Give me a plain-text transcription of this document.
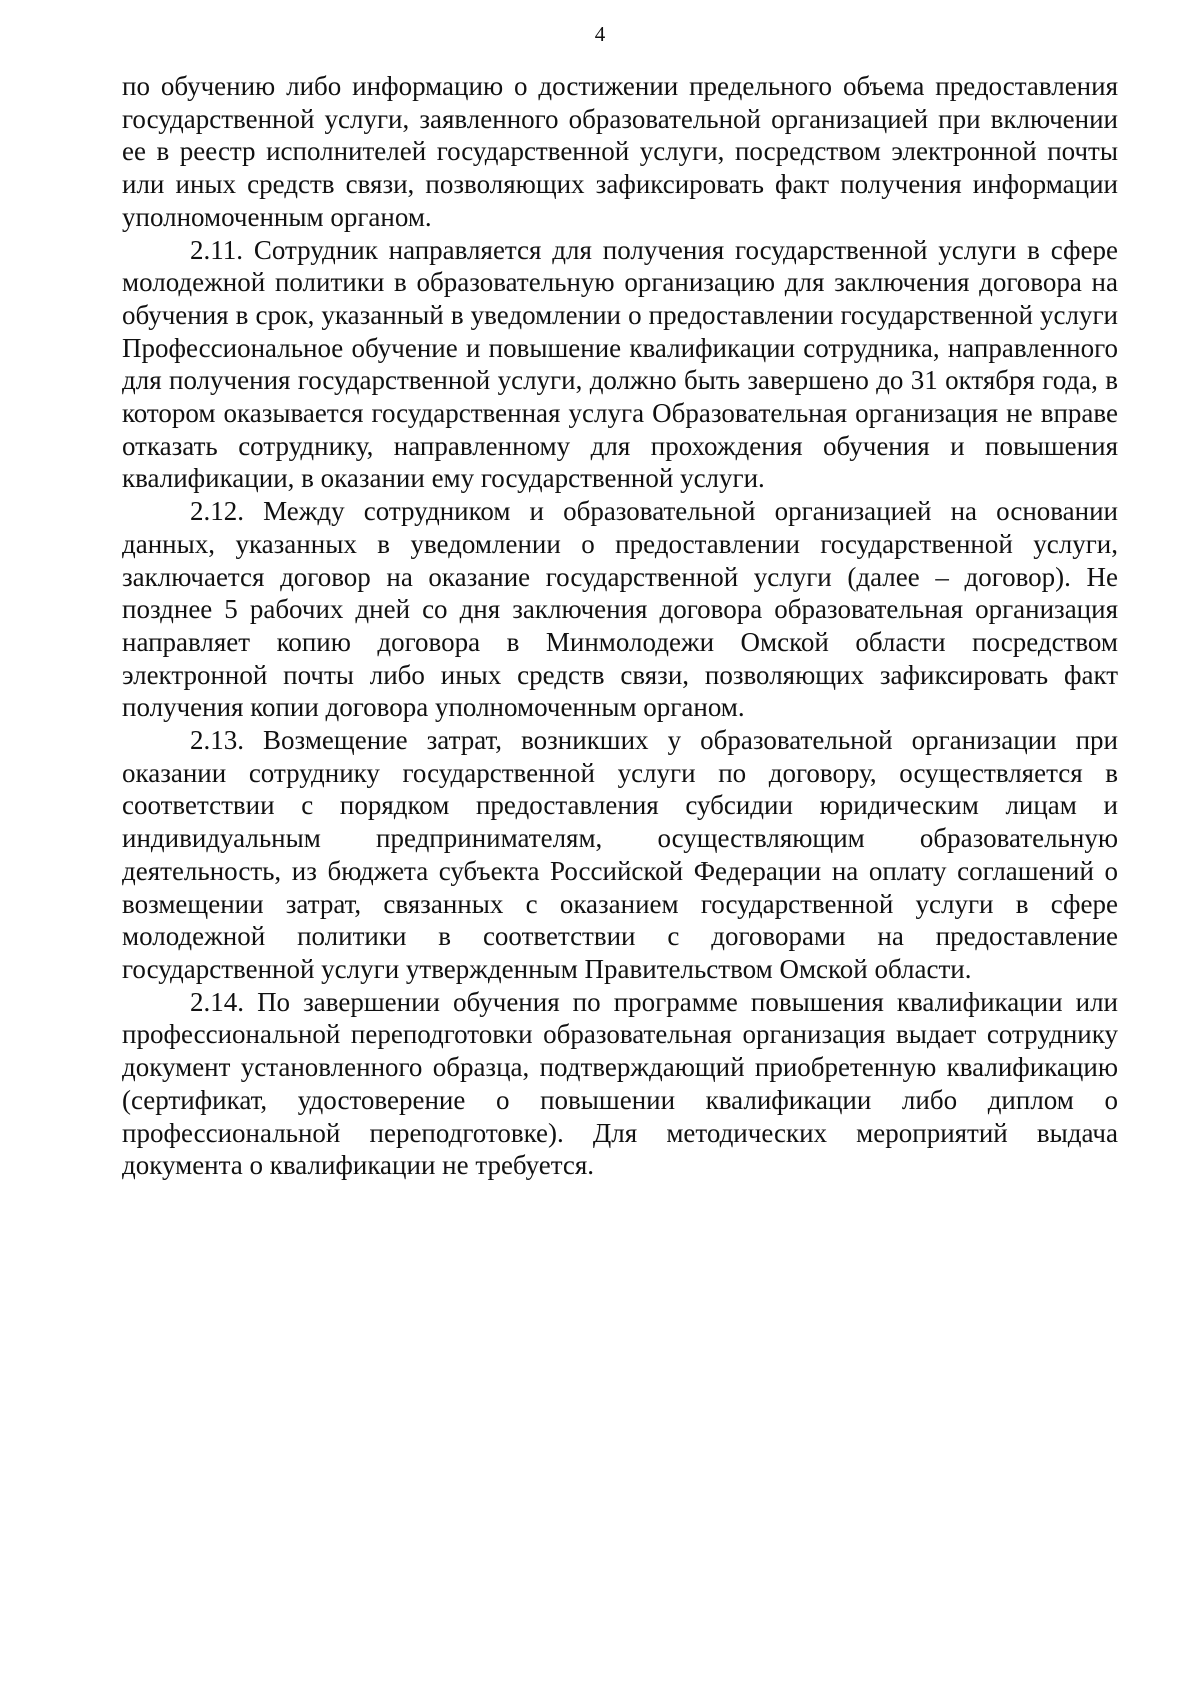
4

по обучению либо информацию о достижении предельного объема предоставления государственной услуги, заявленного образовательной организацией при включении ее в реестр исполнителей государственной услуги, посредством электронной почты или иных средств связи, позволяющих зафиксировать факт получения информации уполномоченным органом.

2.11. Сотрудник направляется для получения государственной услуги в сфере молодежной политики в образовательную организацию для заключения договора на обучения в срок, указанный в уведомлении о предоставлении государственной услуги Профессиональное обучение и повышение квалификации сотрудника, направленного для получения государственной услуги, должно быть завершено до 31 октября года, в котором оказывается государственная услуга Образовательная организация не вправе отказать сотруднику, направленному для прохождения обучения и повышения квалификации, в оказании ему государственной услуги.

2.12. Между сотрудником и образовательной организацией на основании данных, указанных в уведомлении о предоставлении государственной услуги, заключается договор на оказание государственной услуги (далее – договор). Не позднее 5 рабочих дней со дня заключения договора образовательная организация направляет копию договора в Минмолодежи Омской области посредством электронной почты либо иных средств связи, позволяющих зафиксировать факт получения копии договора уполномоченным органом.

2.13. Возмещение затрат, возникших у образовательной организации при оказании сотруднику государственной услуги по договору, осуществляется в соответствии с порядком предоставления субсидии юридическим лицам и индивидуальным предпринимателям, осуществляющим образовательную деятельность, из бюджета субъекта Российской Федерации на оплату соглашений о возмещении затрат, связанных с оказанием государственной услуги в сфере молодежной политики в соответствии с договорами на предоставление государственной услуги утвержденным Правительством Омской области.

2.14. По завершении обучения по программе повышения квалификации или профессиональной переподготовки образовательная организация выдает сотруднику документ установленного образца, подтверждающий приобретенную квалификацию (сертификат, удостоверение о повышении квалификации либо диплом о профессиональной переподготовке). Для методических мероприятий выдача документа о квалификации не требуется.
